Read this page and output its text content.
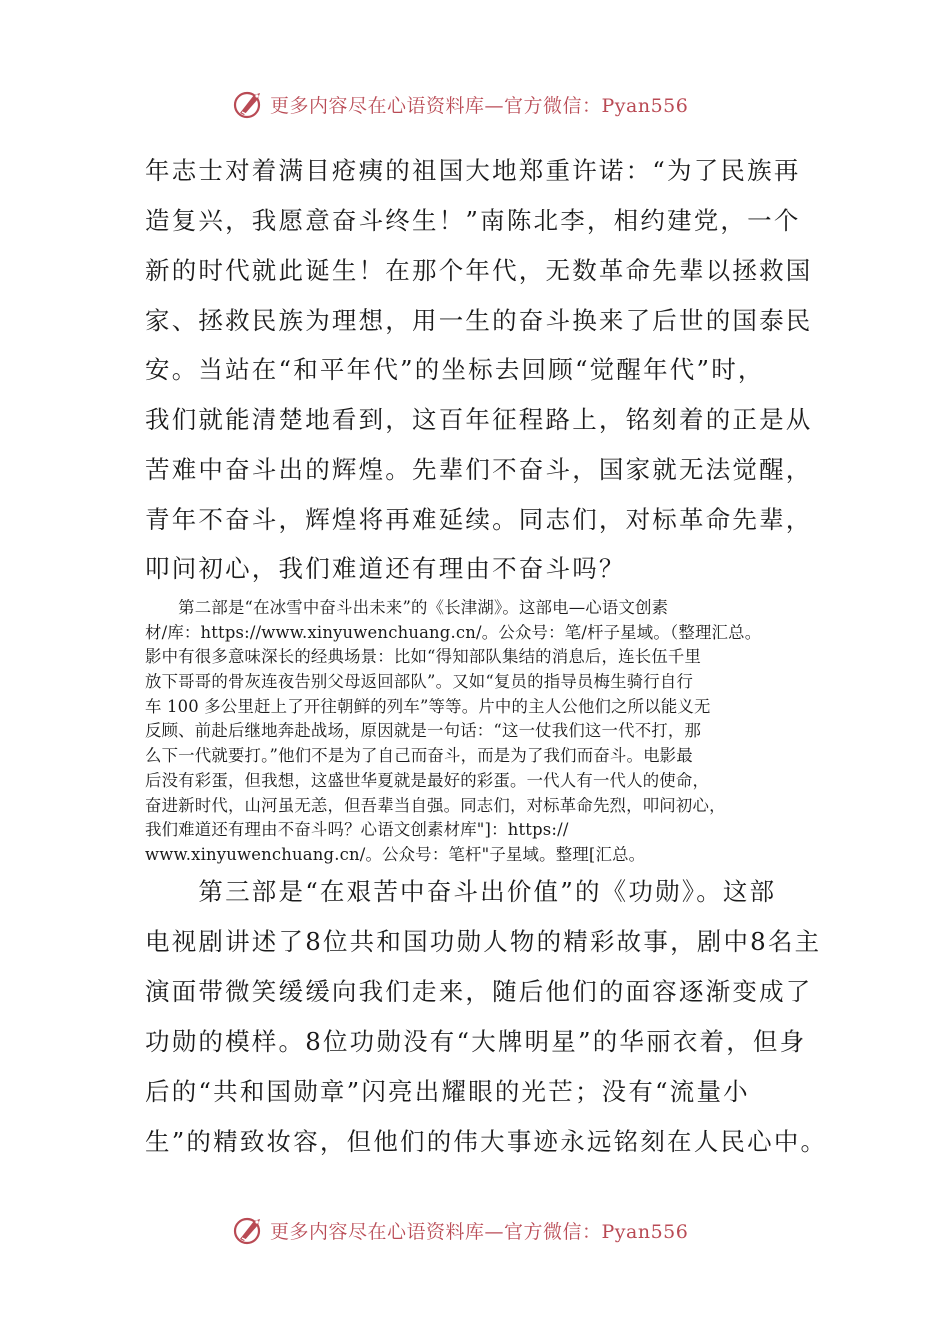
更多内容尽在心语资料库—官方微信：Pyan556
年志士对着满目疮痍的祖国大地郑重许诺：“为了民族再
造复兴，我愿意奋斗终生！”南陈北李，相约建党，一个
新的时代就此诞生！在那个年代，无数革命先辈以拯救国
家、拯救民族为理想，用一生的奋斗换来了后世的国泰民
安。当站在“和平年代”的坐标去回顾“觉醒年代”时，
我们就能清楚地看到，这百年征程路上，铭刻着的正是从
苦难中奋斗出的辉煌。先辈们不奋斗，国家就无法觉醒，
青年不奋斗，辉煌将再难延续。同志们，对标革命先辈，
叩问初心，我们难道还有理由不奋斗吗？
　　第二部是“在冰雪中奋斗出未来”的《长津湖》。这部电—心语文创素
材/库：https://www.xinyuwenchuang.cn/。公众号：笔/杆子星域。（整理汇总。
影中有很多意味深长的经典场景：比如“得知部队集结的消息后，连长伍千里
放下哥哥的骨灰连夜告别父母返回部队”。又如“复员的指导员梅生骑行自行
车 100 多公里赶上了开往朝鲜的列车”等等。片中的主人公他们之所以能义无
反顾、前赴后继地奔赴战场，原因就是一句话：“这一仗我们这一代不打，那
么下一代就要打。”他们不是为了自己而奋斗，而是为了我们而奋斗。电影最
后没有彩蛋，但我想，这盛世华夏就是最好的彩蛋。一代人有一代人的使命，
奋进新时代，山河虽无恙，但吾辈当自强。同志们，对标革命先烈，叩问初心，
我们难道还有理由不奋斗吗？心语文创素材库"]：https://
www.xinyuwenchuang.cn/。公众号：笔杆"子星域。整理[汇总。
　　第三部是“在艰苦中奋斗出价值”的《功勋》。这部
电视剧讲述了8位共和国功勋人物的精彩故事，剧中8名主
演面带微笑缓缓向我们走来，随后他们的面容逐渐变成了
功勋的模样。8位功勋没有“大牌明星”的华丽衣着，但身
后的“共和国勋章”闪亮出耀眼的光芒；没有“流量小
生”的精致妆容，但他们的伟大事迹永远铭刻在人民心中。
更多内容尽在心语资料库—官方微信：Pyan556
